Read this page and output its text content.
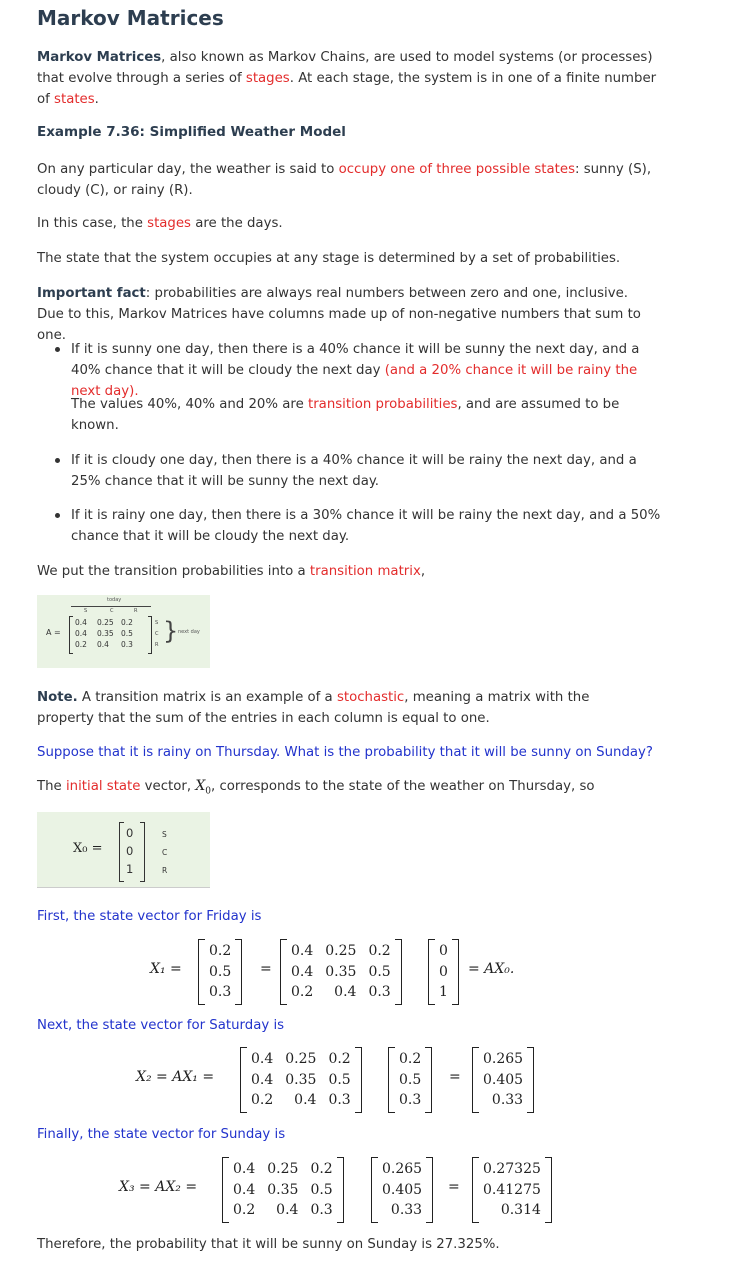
Markov Matrices

Markov Matrices, also known as Markov Chains, are used to model systems (or processes) that evolve through a series of stages. At each stage, the system is in one of a finite number of states.

Example 7.36: Simplified Weather Model

On any particular day, the weather is said to occupy one of three possible states: sunny (S), cloudy (C), or rainy (R).

In this case, the stages are the days.

The state that the system occupies at any stage is determined by a set of probabilities.

Important fact: probabilities are always real numbers between zero and one, inclusive. Due to this, Markov Matrices have columns made up of non-negative numbers that sum to one.

If it is sunny one day, then there is a 40% chance it will be sunny the next day, and a 40% chance that it will be cloudy the next day (and a 20% chance it will be rainy the next day).

The values 40%, 40% and 20% are transition probabilities, and are assumed to be known.

If it is cloudy one day, then there is a 40% chance it will be rainy the next day, and a 25% chance that it will be sunny the next day.

If it is rainy one day, then there is a 30% chance it will be rainy the next day, and a 50% chance that it will be cloudy the next day.

We put the transition probabilities into a transition matrix,

today
S	C	R
A =
0.4	0.25 0.2
0.4	0.35 0.5
0.2	0.4	0.3
S
C
R } next day

Note. A transition matrix is an example of a stochastic, meaning a matrix with the property that the sum of the entries in each column is equal to one.

Suppose that it is rainy on Thursday. What is the probability that it will be sunny on Sunday?

The initial state vector, $X_0$, corresponds to the state of the weather on Thursday, so

X₀ =
0
0
1
S
C
R

First, the state vector for Friday is

X₁ =
0.2
0.5
0.3
=
0.4 0.25 0.2
0.4 0.35 0.5
0.2	0.4 0.3
0
0
1
= AX₀.

Next, the state vector for Saturday is

X₂ = AX₁ =
0.4 0.25 0.2
0.4 0.35 0.5
0.2	0.4 0.3
0.2
0.5
0.3
=
0.265
0.405
0.33

Finally, the state vector for Sunday is

X₃ = AX₂ =
0.4 0.25 0.2
0.4 0.35 0.5
0.2	0.4 0.3
0.265
0.405
0.33
=
0.27325
0.41275
0.314

Therefore, the probability that it will be sunny on Sunday is 27.325%.
